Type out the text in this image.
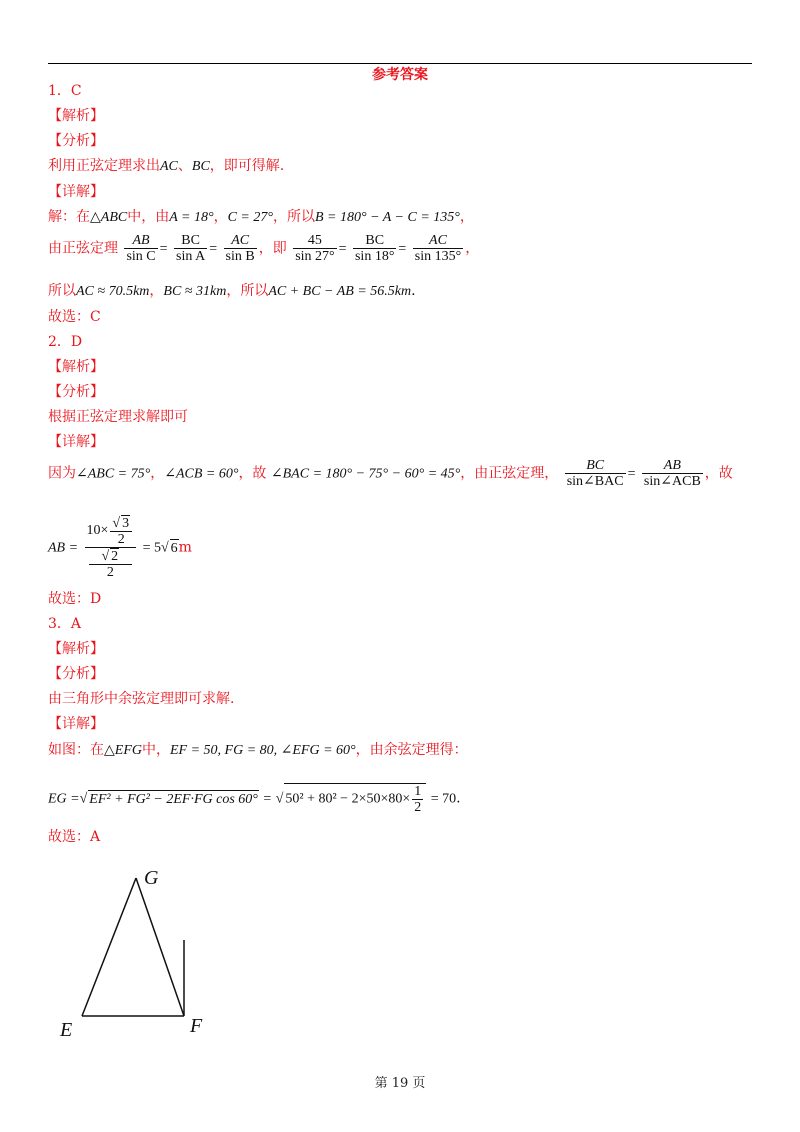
参考答案
1．C
【解析】
【分析】
利用正弦定理求出AC、BC，即可得解.
【详解】
解：在△ABC中，由A = 18°，C = 27°，所以B = 180° − A − C = 135°，
由正弦定理 $\frac{AB}{\text{sin C}} = \frac{BC}{\text{sin A}} = \frac{AC}{\text{sin B}}$ ，即 $\frac{45}{\sin 27^\circ} = \frac{BC}{\sin 18^\circ} = \frac{AC}{\sin 135^\circ}$ ，
所以AC ≈ 70.5km，BC ≈ 31km，所以AC + BC − AB = 56.5km.
故选：C
2．D
【解析】
【分析】
根据正弦定理求解即可
【详解】
因为∠ABC = 75°，∠ACB = 60°，故 ∠BAC = 180° − 75° − 60° = 45°，由正弦定理， $\frac{BC}{\text{sin∠BAC}} = \frac{AB}{\text{sin∠ACB}}$ ，故
AB = $10\times \frac{√ 3}{2}$
√ 2
2 = 5√ 6m
故选：D
3．A
【解析】
【分析】
由三角形中余弦定理即可求解.
【详解】
如图：在△EFG中，EF = 50, FG = 80, ∠EFG = 60°，由余弦定理得：
EG =√ EF² + FG² − 2EF·FG cos 60° = √ $50^2 + 80^2 - 2\times 50\times 80\times \frac{1}{2} = 70$.
故选：A
G
E	F
第 19 页
